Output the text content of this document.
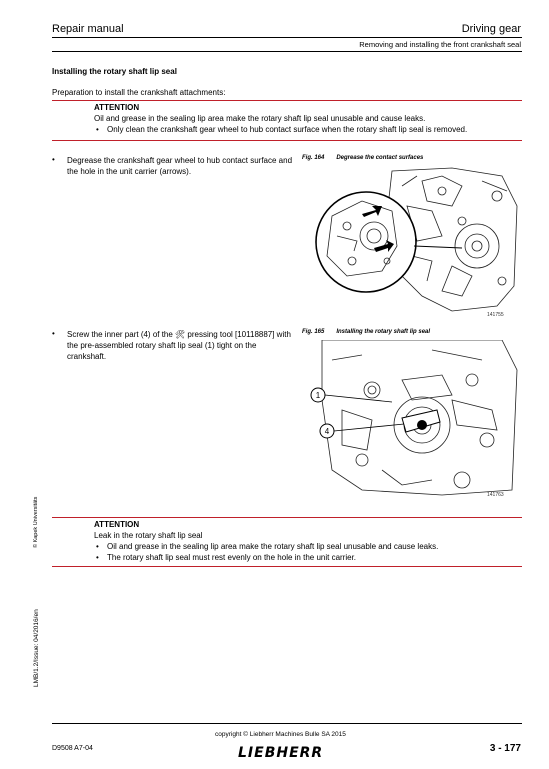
Repair manual	Driving gear
Removing and installing the front crankshaft seal
Installing the rotary shaft lip seal
Preparation to install the crankshaft attachments:
ATTENTION
Oil and grease in the sealing lip area make the rotary shaft lip seal unusable and cause leaks.
• Only clean the crankshaft gear wheel to hub contact surface when the rotary shaft lip seal is removed.
• Degrease the crankshaft gear wheel to hub contact surface and the hole in the unit carrier (arrows).
Fig. 164 Degrease the contact surfaces
141755
• Screw the inner part (4) of the 🛠 pressing tool [10118887] with the pre-assembled rotary shaft lip seal (1) tight on the crankshaft.
Fig. 165 Installing the rotary shaft lip seal
1
4
141763
ATTENTION
Leak in the rotary shaft lip seal
• Oil and grease in the sealing lip area make the rotary shaft lip seal unusable and cause leaks.
• The rotary shaft lip seal must rest evenly on the hole in the unit carrier.
© Kapek Universitäts
LMB/1.2/Issue: 04/2016/en
D9508 A7-04
copyright © Liebherr Machines Bulle SA 2015
LIEBHERR	3 - 177
